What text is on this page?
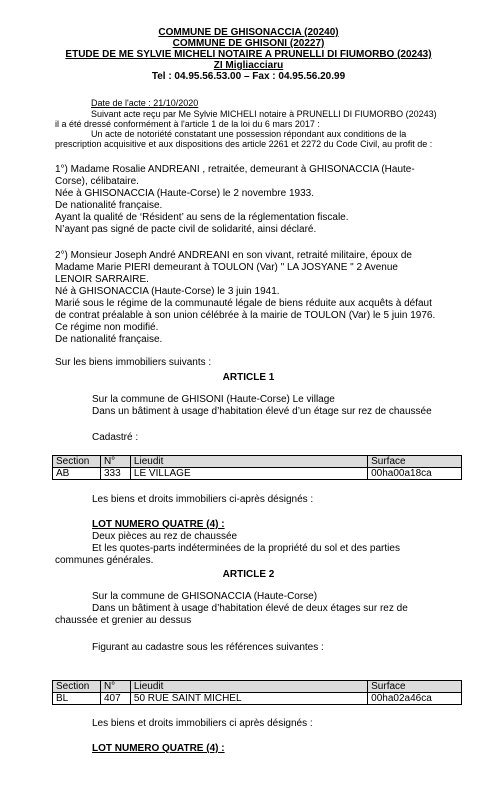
COMMUNE DE GHISONACCIA (20240)
COMMUNE DE GHISONI (20227)
ETUDE DE ME SYLVIE MICHELI NOTAIRE A PRUNELLI DI FIUMORBO (20243)
ZI Migliacciaru
Tel : 04.95.56.53.00 – Fax : 04.95.56.20.99
Date de l'acte : 21/10/2020
Suivant acte reçu par Me Sylvie MICHELI notaire à PRUNELLI DI FIUMORBO (20243)
il a été dressé conformément à l'article 1 de la loi du 6 mars 2017 :
Un acte de notoriété constatant une possession répondant aux conditions de la
prescription acquisitive et aux dispositions des article 2261 et 2272 du Code Civil, au profit de :
1°) Madame Rosalie ANDREANI , retraitée, demeurant à GHISONACCIA (Haute-
Corse), célibataire.
Née à GHISONACCIA (Haute-Corse) le 2 novembre 1933.
De nationalité française.
Ayant la qualité de ‘Résident’ au sens de la réglementation fiscale.
N’ayant pas signé de pacte civil de solidarité, ainsi déclaré.
2°) Monsieur Joseph André ANDREANI en son vivant, retraité militaire, époux de
Madame Marie PIERI demeurant à TOULON (Var) " LA JOSYANE " 2 Avenue
LENOIR SARRAIRE.
Né à GHISONACCIA (Haute-Corse) le 3 juin 1941.
Marié sous le régime de la communauté légale de biens réduite aux acquêts à défaut
de contrat préalable à son union célébrée à la mairie de TOULON (Var) le 5 juin 1976.
Ce régime non modifié.
De nationalité française.
Sur les biens immobiliers suivants :
ARTICLE 1
Sur la commune de GHISONI (Haute-Corse) Le village
Dans un bâtiment à usage d’habitation élevé d’un étage sur rez de chaussée
Cadastré :
Section	N°	Lieudit	Surface
AB	333	LE VILLAGE	00ha00a18ca
Les biens et droits immobiliers ci-après désignés :
LOT NUMERO QUATRE (4) :
Deux pièces au rez de chaussée
Et les quotes-parts indéterminées de la propriété du sol et des parties
communes générales.
ARTICLE 2
Sur la commune de GHISONACCIA (Haute-Corse)
Dans un bâtiment à usage d’habitation élevé de deux étages sur rez de
chaussée et grenier au dessus
Figurant au cadastre sous les références suivantes :
Section	N°	Lieudit	Surface
BL	407	50 RUE SAINT MICHEL	00ha02a46ca
Les biens et droits immobiliers ci après désignés :
LOT NUMERO QUATRE (4) :
